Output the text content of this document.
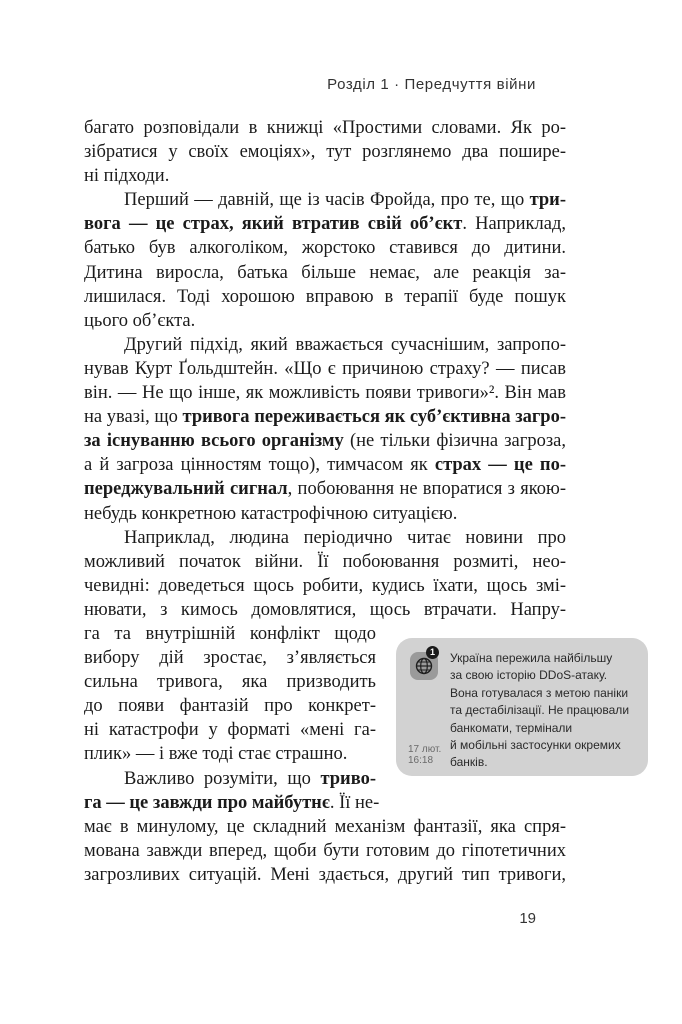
Розділ 1 · Передчуття війни
багато розповідали в книжці «Простими словами. Як ро-
зібратися у своїх емоціях», тут розглянемо два пошире-
ні підходи.
Перший — давній, ще із часів Фройда, про те, що три-
вога — це страх, який втратив свій об’єкт. Наприклад,
батько був алкоголіком, жорстоко ставився до дитини.
Дитина виросла, батька більше немає, але реакція за-
лишилася. Тоді хорошою вправою в терапії буде пошук
цього об’єкта.
Другий підхід, який вважається сучаснішим, запропо-
нував Курт Ґольдштейн. «Що є причиною страху? — писав
він. — Не що інше, як можливість появи тривоги»². Він мав
на увазі, що тривога переживається як суб’єктивна загро-
за існуванню всього організму (не тільки фізична загроза,
а й загроза цінностям тощо), тимчасом як страх — це по-
переджувальний сигнал, побоювання не впоратися з якою-
небудь конкретною катастрофічною ситуацією.
Наприклад, людина періодично читає новини про
можливий початок війни. Її побоювання розмиті, нео-
чевидні: доведеться щось робити, кудись їхати, щось змі-
нювати, з кимось домовлятися, щось втрачати. Напру-
га та внутрішній конфлікт щодо
вибору дій зростає, з’являється
сильна тривога, яка призводить
до появи фантазій про конкрет-
ні катастрофи у форматі «мені га-
плик» — і вже тоді стає страшно.
Важливо розуміти, що триво-
га — це завжди про майбутнє. Її не-
має в минулому, це складний механізм фантазії, яка спря-
мована завжди вперед, щоби бути готовим до гіпотетичних
загрозливих ситуацій. Мені здається, другий тип тривоги,
1	Україна пережила найбільшу
за свою історію DDoS-атаку.
Вона готувалася з метою паніки
та дестабілізації. Не працювали
банкомати, термінали
й мобільні застосунки окремих
банків.
17 лют.
16:18
19
